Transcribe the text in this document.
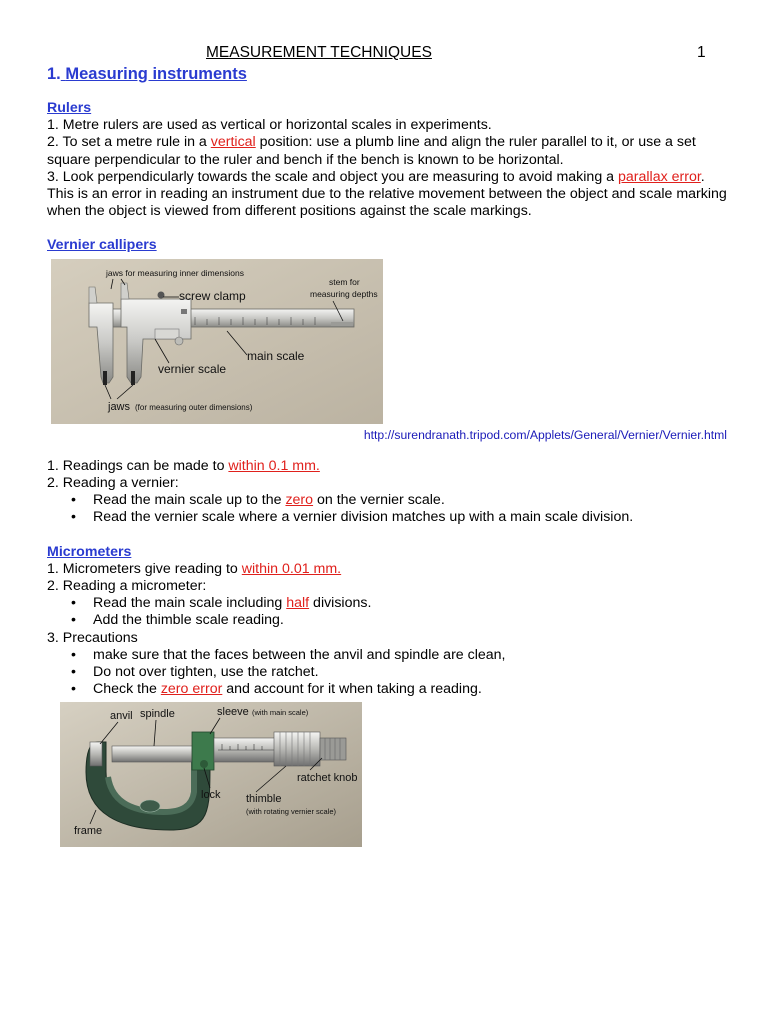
MEASUREMENT TECHNIQUES	1
1. Measuring instruments
Rulers

1. Metre rulers are used as vertical or horizontal scales in experiments.

2. To set a metre rule in a vertical position: use a plumb line and align the ruler parallel to it, or use a set square perpendicular to the ruler and bench if the bench is known to be horizontal.

3. Look perpendicularly towards the scale and object you are measuring to avoid making a parallax error. This is an error in reading an instrument due to the relative movement between the object and scale marking when the object is viewed from different positions against the scale markings.

Vernier callipers
jaws for measuring inner dimensions
screw clamp
stem for measuring depths
main scale
vernier scale
jaws (for measuring outer dimensions)
http://surendranath.tripod.com/Applets/General/Vernier/Vernier.html

1. Readings can be made to within 0.1 mm.

2. Reading a vernier:

• Read the main scale up to the zero on the vernier scale.
• Read the vernier scale where a vernier division matches up with a main scale division.
Micrometers

1. Micrometers give reading to within 0.01 mm.

2. Reading a micrometer:

• Read the main scale including half divisions.
• Add the thimble scale reading.

3. Precautions

• make sure that the faces between the anvil and spindle are clean,
• Do not over tighten, use the ratchet.
• Check the zero error and account for it when taking a reading.
anvil spindle	sleeve (with main scale)
ratchet knob
lock thimble
(with rotating vernier scale)
frame
